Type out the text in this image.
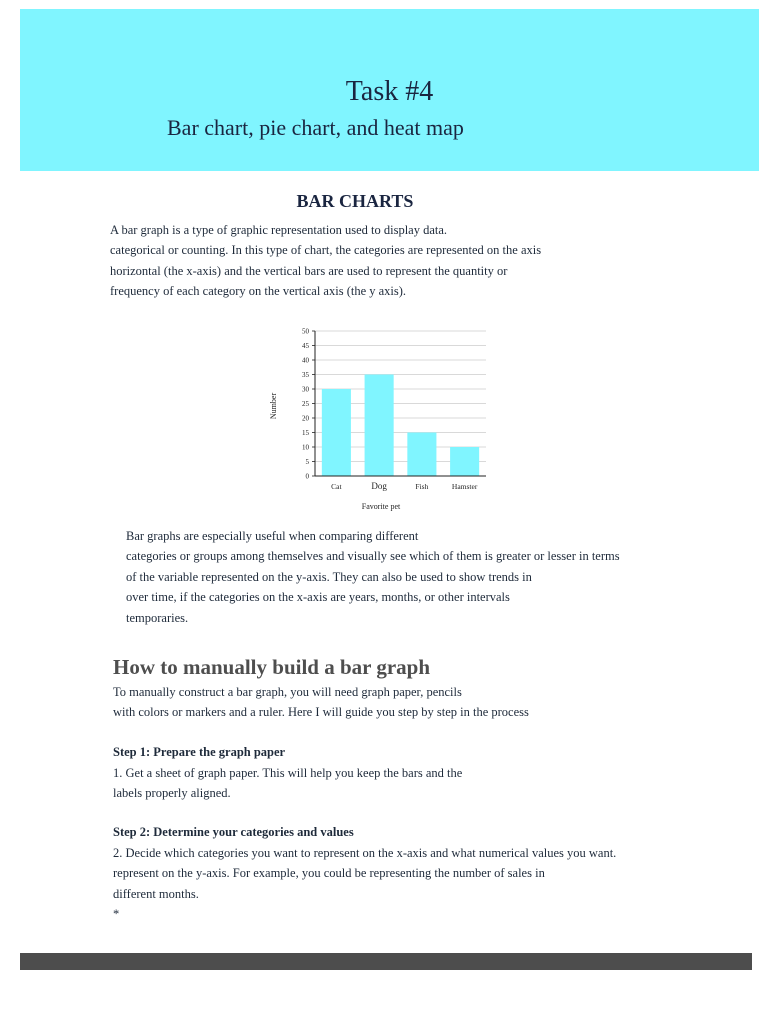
Task #4
Bar chart, pie chart, and heat map
BAR CHARTS
A bar graph is a type of graphic representation used to display data.
categorical or counting. In this type of chart, the categories are represented on the axis
horizontal (the x-axis) and the vertical bars are used to represent the quantity or
frequency of each category on the vertical axis (the y axis).
0
5
10
15
20
25
30
35
40
45
50
Cat	Dog	Fish	Hamster
Favorite pet
Number
Bar graphs are especially useful when comparing different
categories or groups among themselves and visually see which of them is greater or lesser in terms
of the variable represented on the y-axis. They can also be used to show trends in
over time, if the categories on the x-axis are years, months, or other intervals
temporaries.
How to manually build a bar graph
To manually construct a bar graph, you will need graph paper, pencils
with colors or markers and a ruler. Here I will guide you step by step in the process
Step 1: Prepare the graph paper
1. Get a sheet of graph paper. This will help you keep the bars and the
labels properly aligned.
Step 2: Determine your categories and values
2. Decide which categories you want to represent on the x-axis and what numerical values you want.
represent on the y-axis. For example, you could be representing the number of sales in
different months.
*
